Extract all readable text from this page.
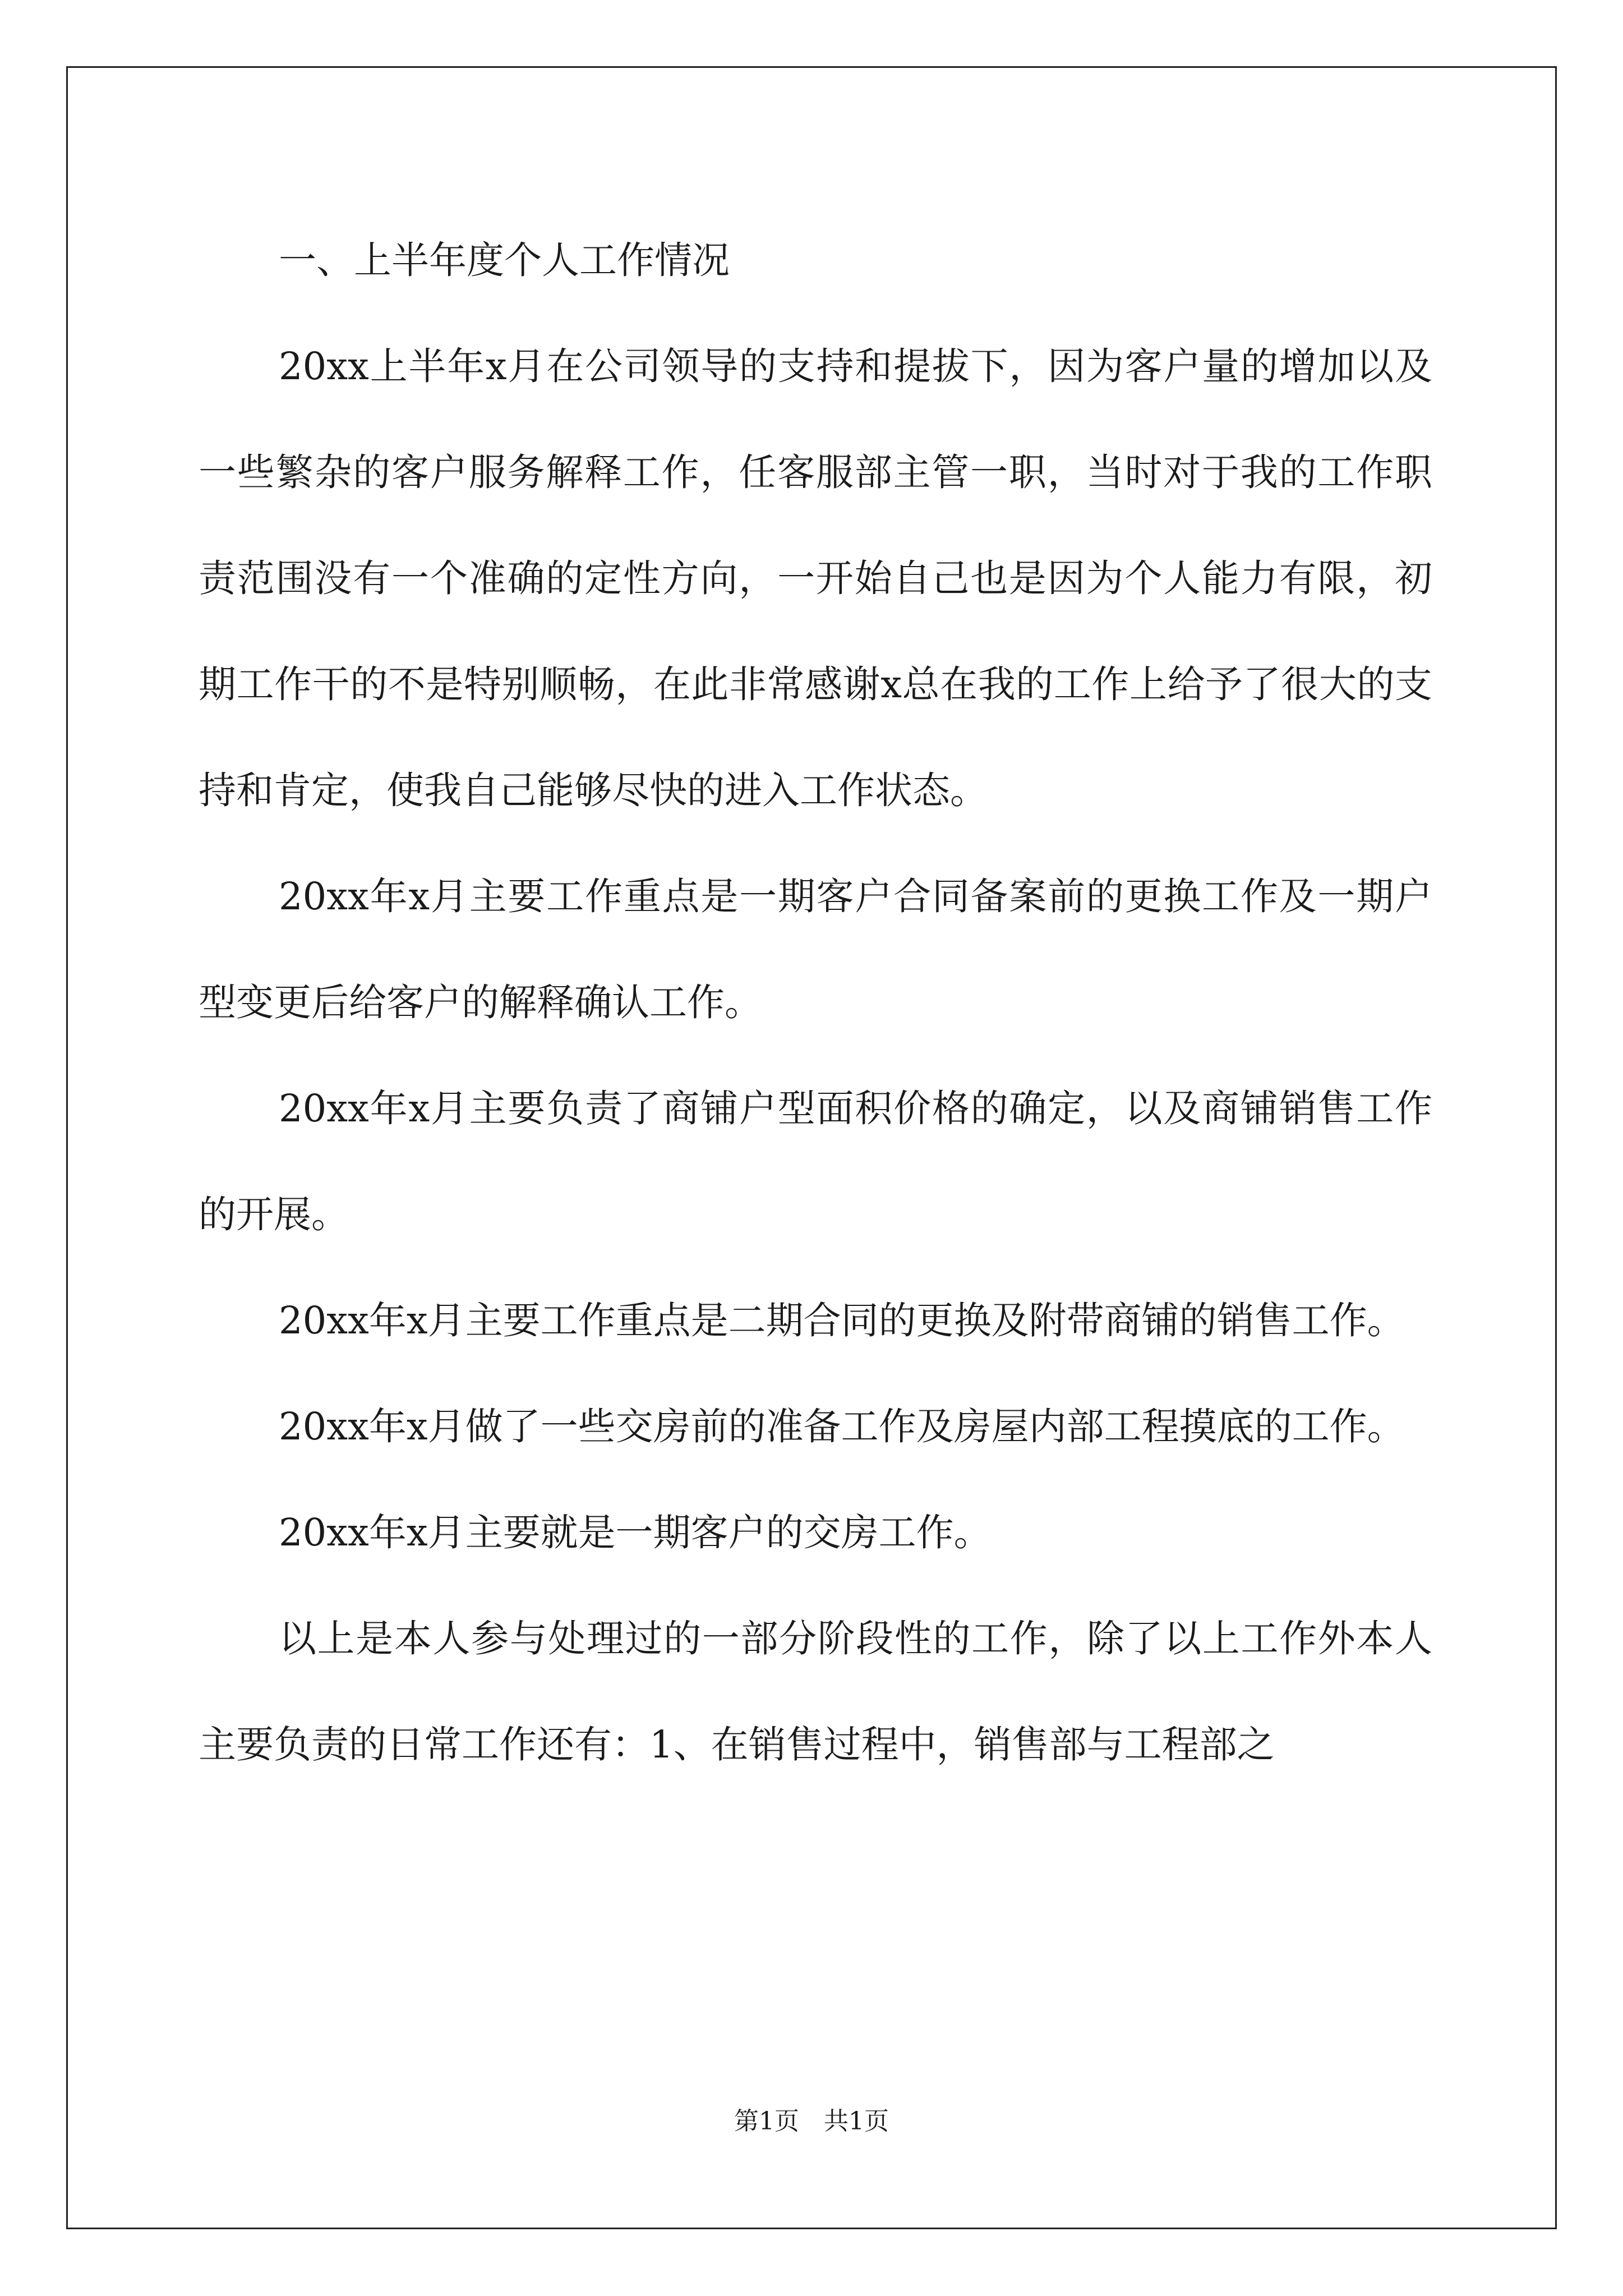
一、上半年度个人工作情况

20xx上半年x月在公司领导的支持和提拔下，因为客户量的增加以及一些繁杂的客户服务解释工作，任客服部主管一职，当时对于我的工作职责范围没有一个准确的定性方向，一开始自己也是因为个人能力有限，初期工作干的不是特别顺畅，在此非常感谢x总在我的工作上给予了很大的支持和肯定，使我自己能够尽快的进入工作状态。

20xx年x月主要工作重点是一期客户合同备案前的更换工作及一期户型变更后给客户的解释确认工作。

20xx年x月主要负责了商铺户型面积价格的确定，以及商铺销售工作的开展。

20xx年x月主要工作重点是二期合同的更换及附带商铺的销售工作。

20xx年x月做了一些交房前的准备工作及房屋内部工程摸底的工作。

20xx年x月主要就是一期客户的交房工作。

以上是本人参与处理过的一部分阶段性的工作，除了以上工作外本人主要负责的日常工作还有：1、在销售过程中，销售部与工程部之

第1页 共1页
